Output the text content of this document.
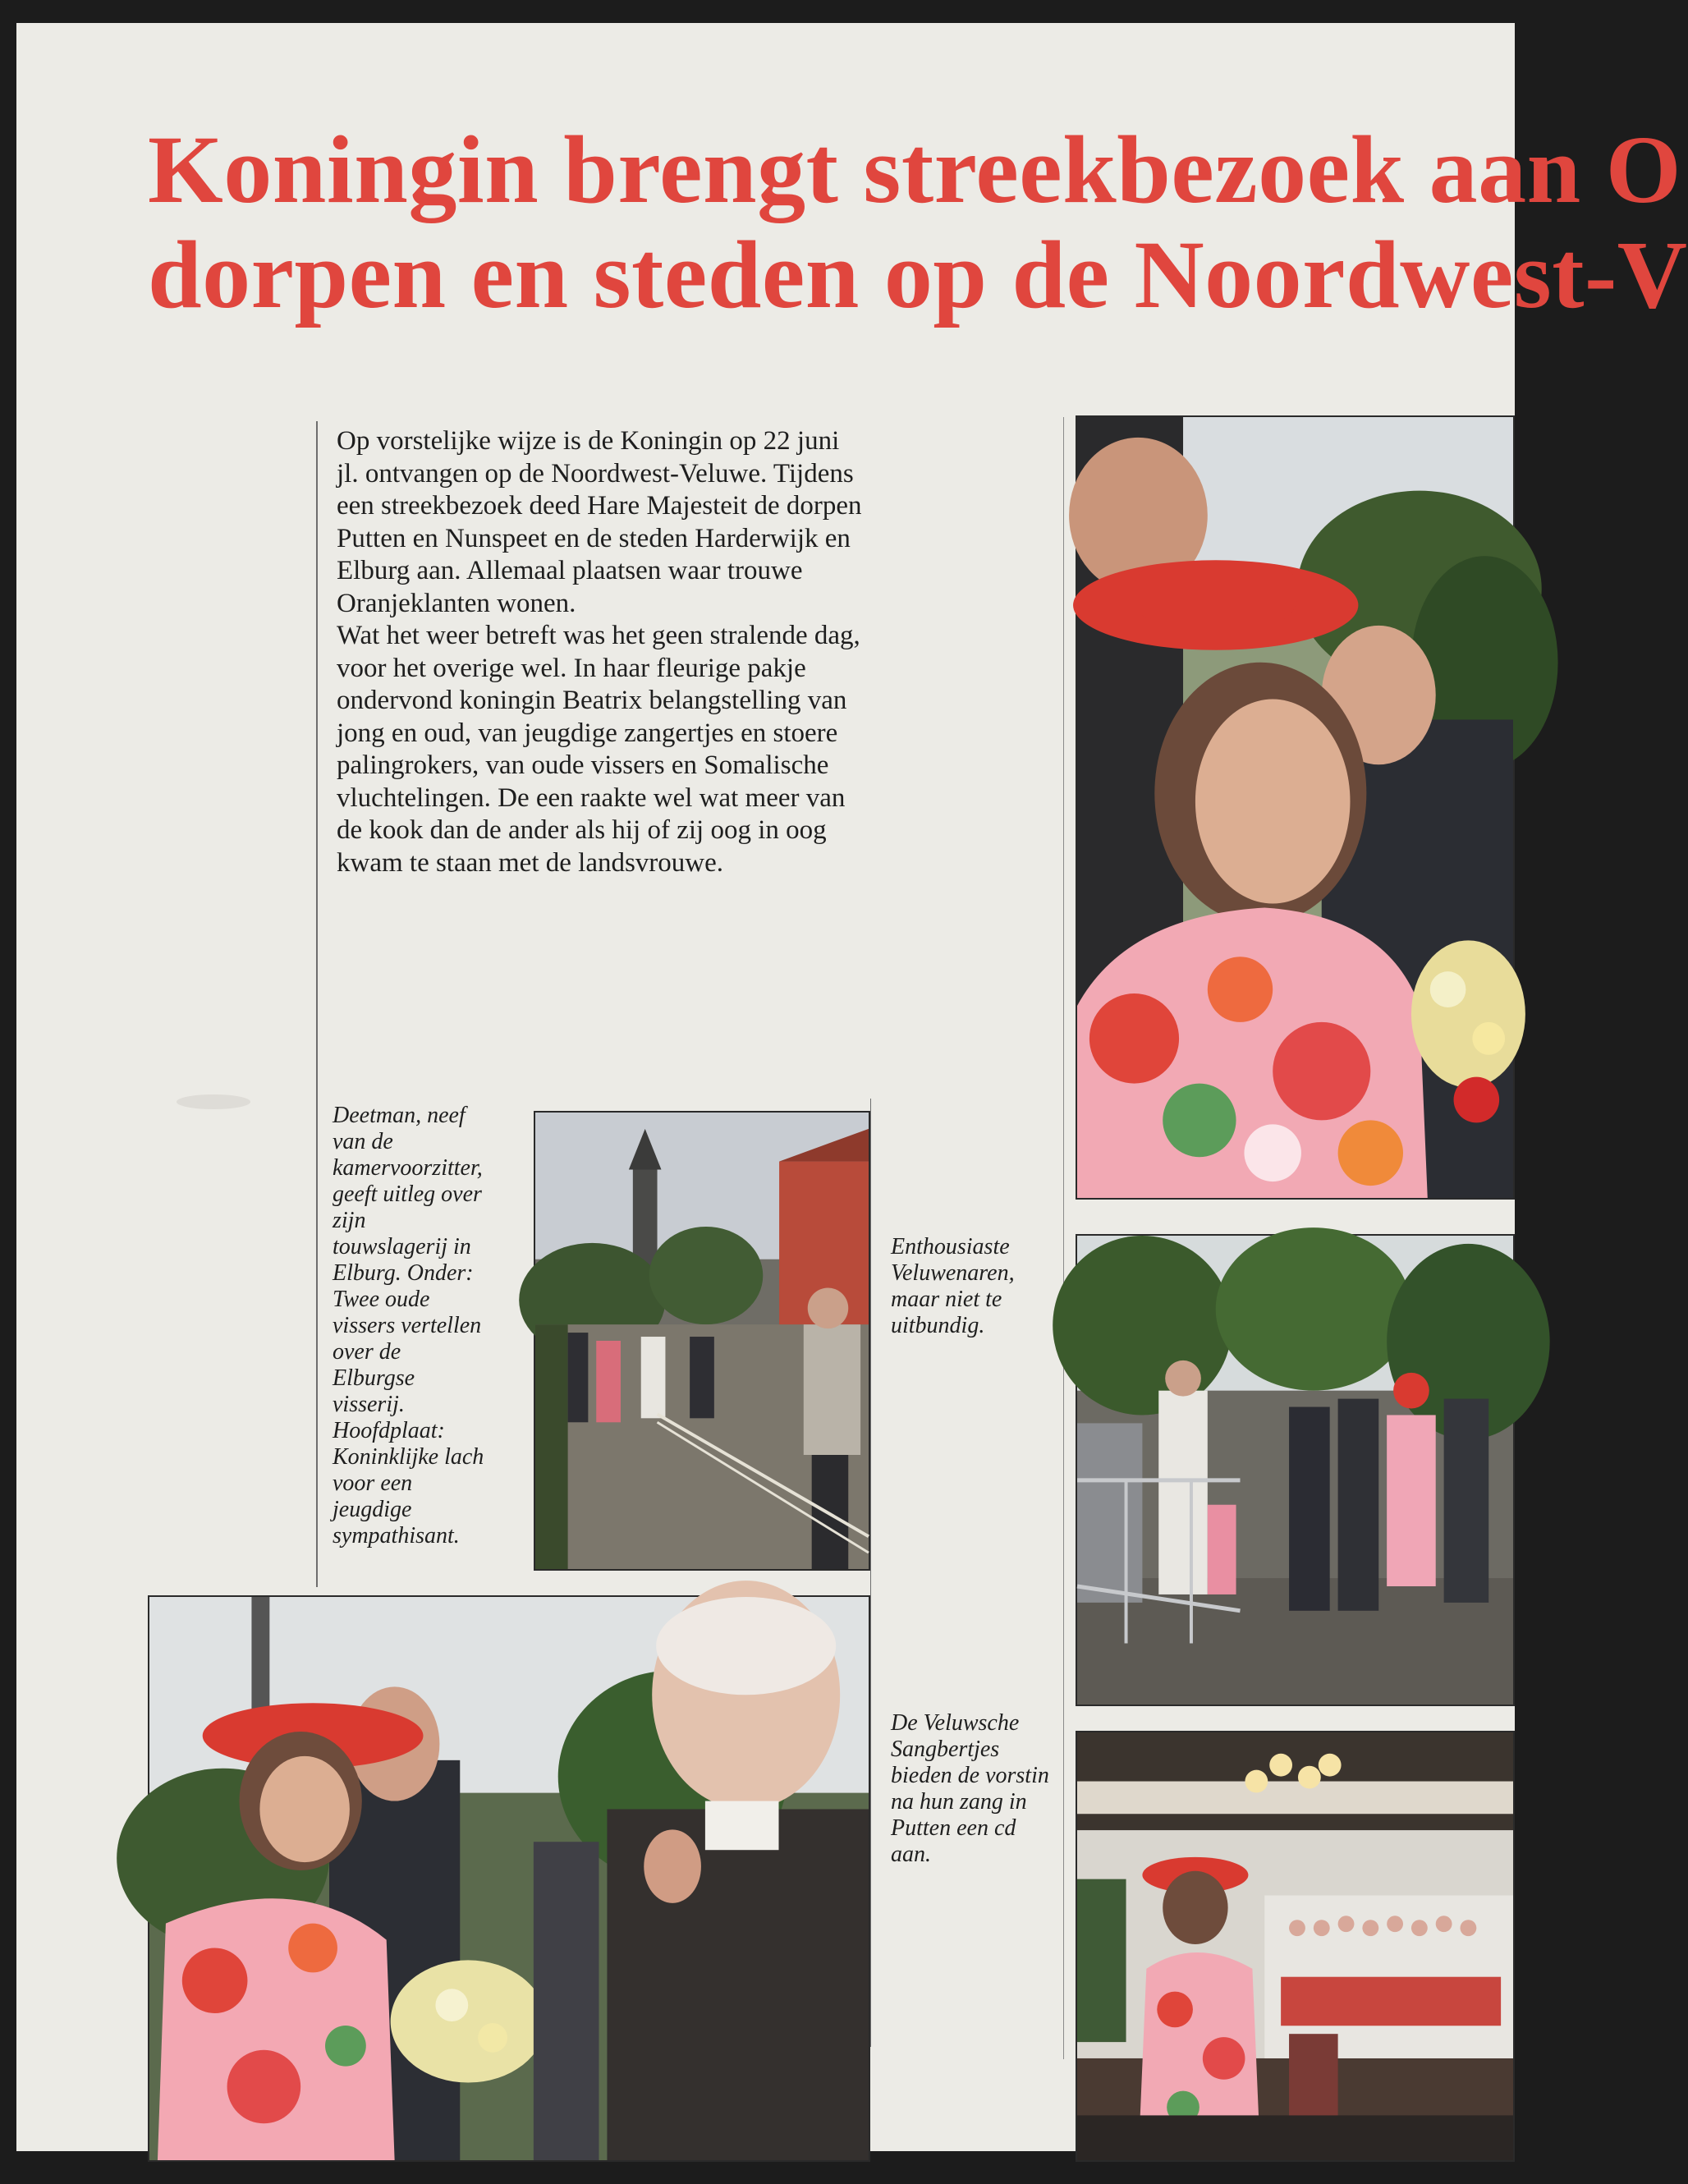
Koningin brengt streekbezoek aan O
dorpen en steden op de Noordwest-V

Op vorstelijke wijze is de Koningin op 22 juni jl. ontvangen op de Noordwest-Veluwe. Tijdens een streekbezoek deed Hare Majesteit de dorpen Putten en Nunspeet en de steden Harderwijk en Elburg aan. Allemaal plaatsen waar trouwe Oranjeklanten wonen.

Wat het weer betreft was het geen stralende dag, voor het overige wel. In haar fleurige pakje ondervond koningin Beatrix belangstelling van jong en oud, van jeugdige zangertjes en stoere palingrokers, van oude vissers en Somalische vluchtelingen. De een raakte wel wat meer van de kook dan de ander als hij of zij oog in oog kwam te staan met de landsvrouwe.

Deetman, neef van de kamervoorzitter, geeft uitleg over zijn touwslagerij in Elburg. Onder: Twee oude vissers vertellen over de Elburgse visserij. Hoofdplaat: Koninklijke lach voor een jeugdige sympathisant.

Enthousiaste Veluwenaren, maar niet te uitbundig.

De Veluwsche Sangbertjes bieden de vorstin na hun zang in Putten een cd aan.
